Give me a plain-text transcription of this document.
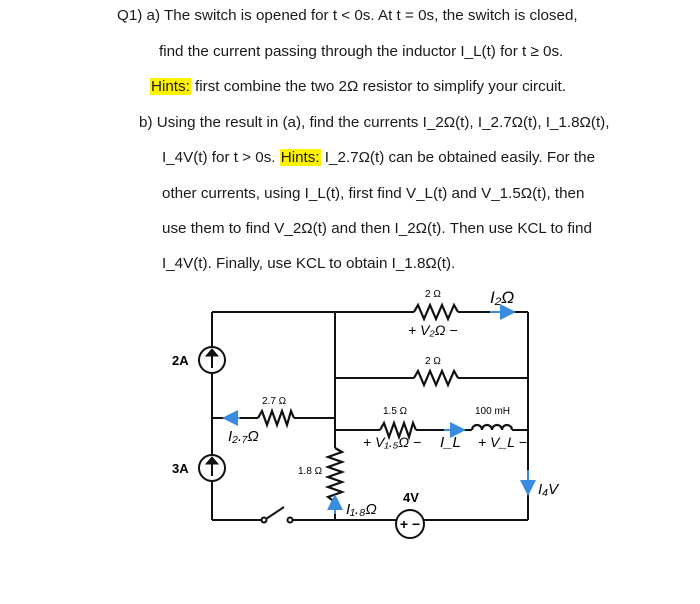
Q1) a) The switch is opened for t < 0s. At t = 0s, the switch is closed,
find the current passing through the inductor I_L(t) for t ≥ 0s.
Hints: first combine the two 2Ω resistor to simplify your circuit.
b) Using the result in (a), find the currents I_2Ω(t), I_2.7Ω(t), I_1.8Ω(t),
I_4V(t) for t > 0s. Hints: I_2.7Ω(t) can be obtained easily. For the
other currents, using I_L(t), first find V_L(t) and V_1.5Ω(t), then
use them to find V_2Ω(t) and then I_2Ω(t). Then use KCL to find
I_4V(t). Finally, use KCL to obtain I_1.8Ω(t).
+ −
2A
3A
2.7 Ω
1.8 Ω
1.5 Ω
2 Ω
2 Ω
100 mH
4V
I₂Ω
+ V₂Ω −
I₂.₇Ω
I₁.₈Ω
+ V₁.₅Ω − I_L + V_L −
I₄V
